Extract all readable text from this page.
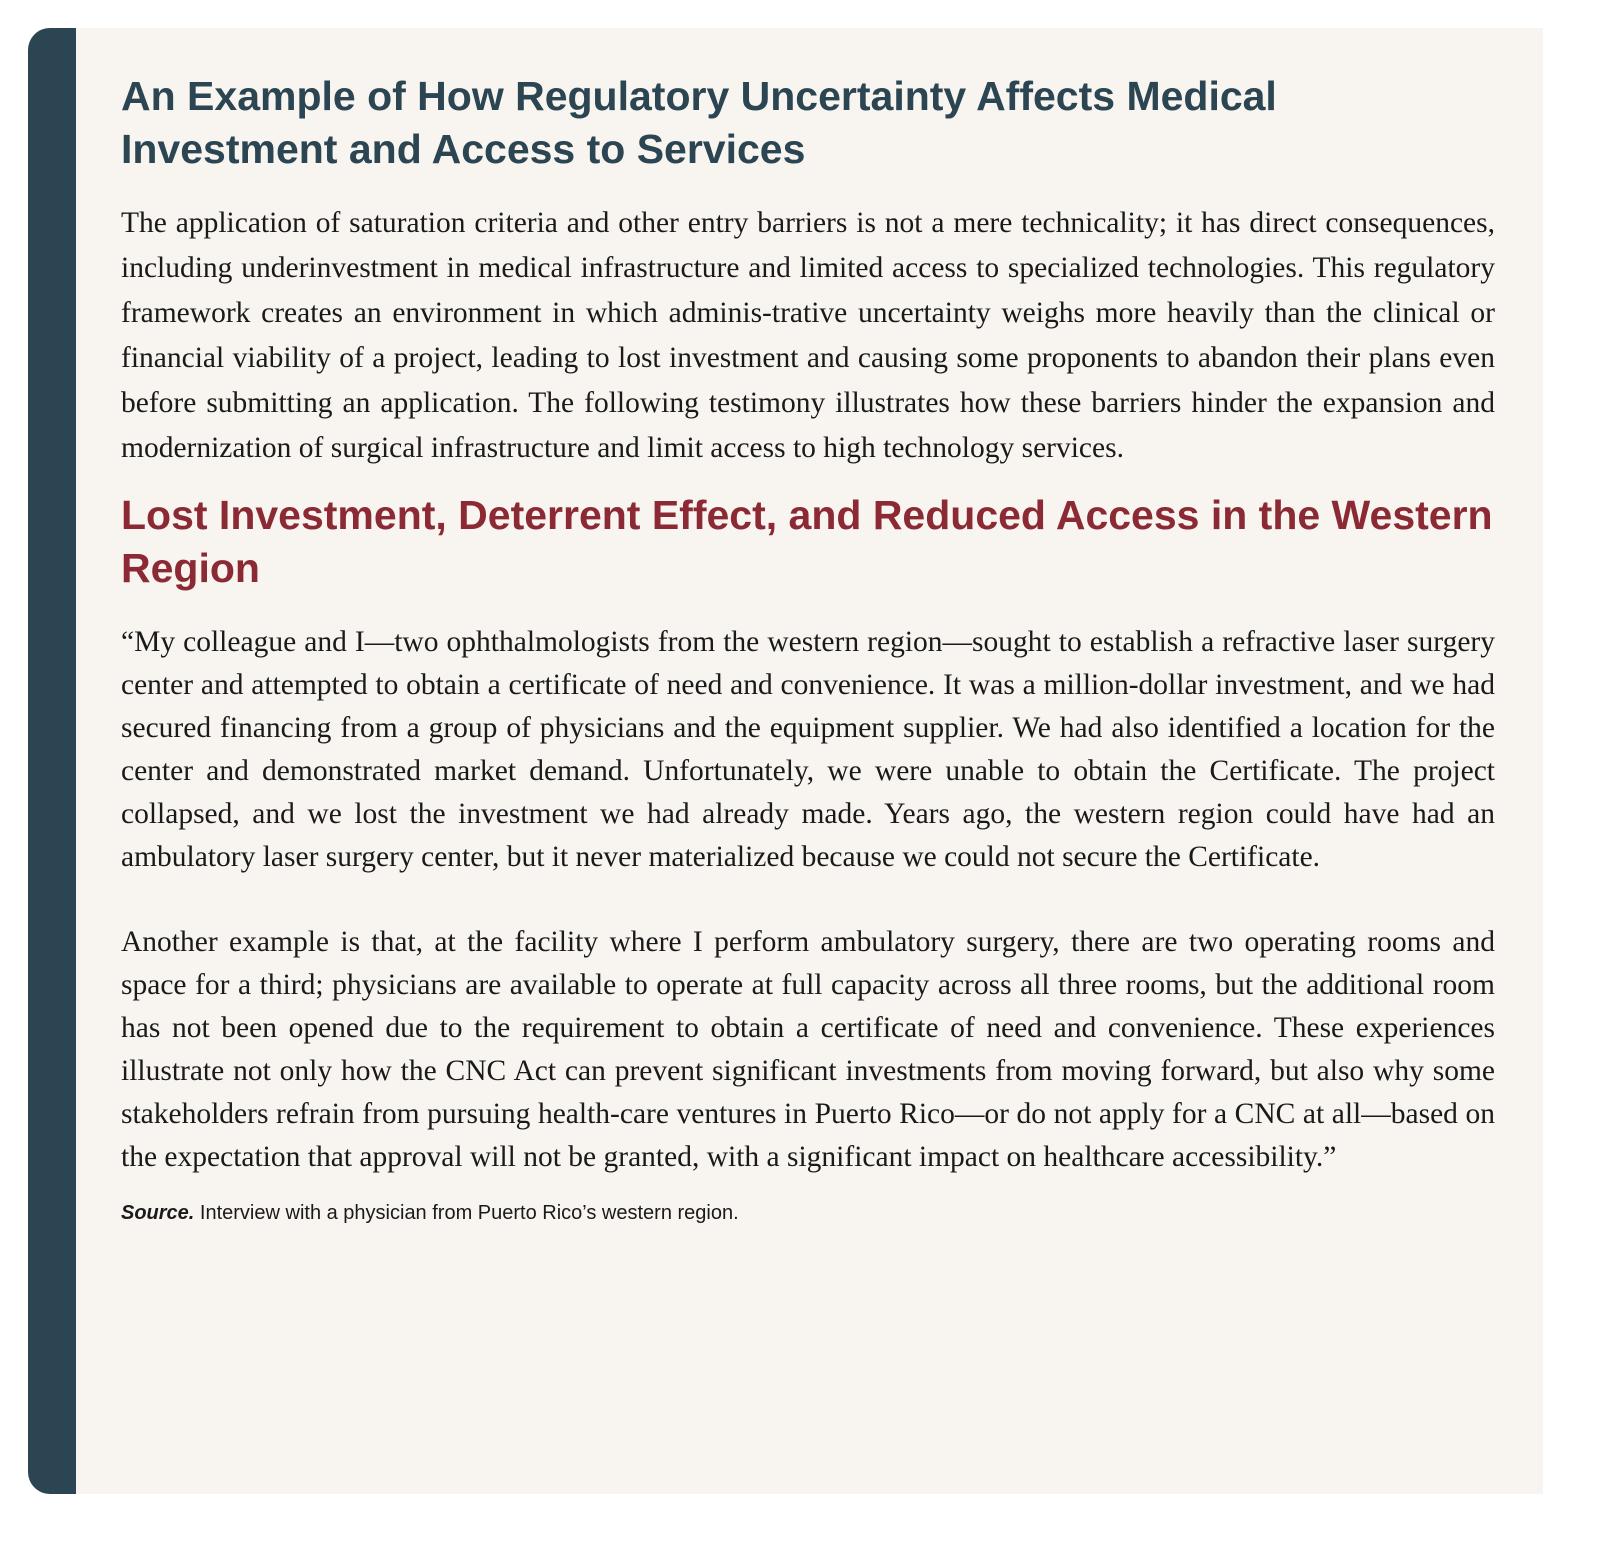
An Example of How Regulatory Uncertainty Affects Medical Investment and Access to Services

The application of saturation criteria and other entry barriers is not a mere technicality; it has direct consequences, including underinvestment in medical infrastructure and limited access to specialized technologies. This regulatory framework creates an environment in which adminis-trative uncertainty weighs more heavily than the clinical or financial viability of a project, leading to lost investment and causing some proponents to abandon their plans even before submitting an application. The following testimony illustrates how these barriers hinder the expansion and modernization of surgical infrastructure and limit access to high technology services.

Lost Investment, Deterrent Effect, and Reduced Access in the Western Region

“My colleague and I—two ophthalmologists from the western region—sought to establish a refractive laser surgery center and attempted to obtain a certificate of need and convenience. It was a million-dollar investment, and we had secured financing from a group of physicians and the equipment supplier. We had also identified a location for the center and demonstrated market demand. Unfortunately, we were unable to obtain the Certificate. The project collapsed, and we lost the investment we had already made. Years ago, the western region could have had an ambulatory laser surgery center, but it never materialized because we could not secure the Certificate.

Another example is that, at the facility where I perform ambulatory surgery, there are two operating rooms and space for a third; physicians are available to operate at full capacity across all three rooms, but the additional room has not been opened due to the requirement to obtain a certificate of need and convenience. These experiences illustrate not only how the CNC Act can prevent significant investments from moving forward, but also why some stakeholders refrain from pursuing health-care ventures in Puerto Rico—or do not apply for a CNC at all—based on the expectation that approval will not be granted, with a significant impact on healthcare accessibility.”

Source. Interview with a physician from Puerto Rico’s western region.
